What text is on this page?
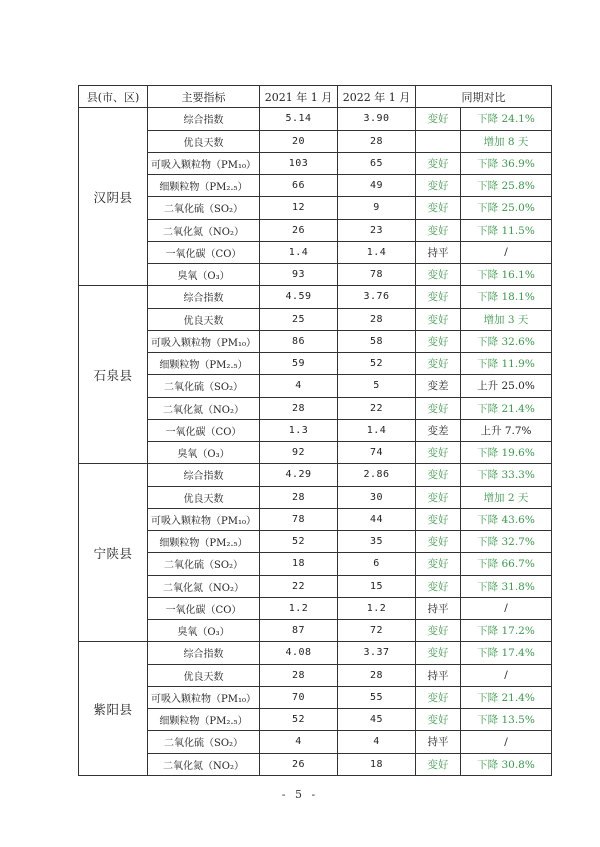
县(市、区)	主要指标	2021 年 1 月	2022 年 1 月	同期对比	
汉阴县	综合指数	5.14	3.90	变好	下降 24.1%
	优良天数	20	28		增加 8 天
	可吸入颗粒物（PM₁₀）	103	65	变好	下降 36.9%
	细颗粒物（PM₂.₅）	66	49	变好	下降 25.8%
	二氧化硫（SO₂）	12	9	变好	下降 25.0%
	二氧化氮（NO₂）	26	23	变好	下降 11.5%
	一氧化碳（CO）	1.4	1.4	持平	/
	臭氧（O₃）	93	78	变好	下降 16.1%
石泉县	综合指数	4.59	3.76	变好	下降 18.1%
	优良天数	25	28	变好	增加 3 天
	可吸入颗粒物（PM₁₀）	86	58	变好	下降 32.6%
	细颗粒物（PM₂.₅）	59	52	变好	下降 11.9%
	二氧化硫（SO₂）	4	5	变差	上升 25.0%
	二氧化氮（NO₂）	28	22	变好	下降 21.4%
	一氧化碳（CO）	1.3	1.4	变差	上升 7.7%
	臭氧（O₃）	92	74	变好	下降 19.6%
宁陕县	综合指数	4.29	2.86	变好	下降 33.3%
	优良天数	28	30	变好	增加 2 天
	可吸入颗粒物（PM₁₀）	78	44	变好	下降 43.6%
	细颗粒物（PM₂.₅）	52	35	变好	下降 32.7%
	二氧化硫（SO₂）	18	6	变好	下降 66.7%
	二氧化氮（NO₂）	22	15	变好	下降 31.8%
	一氧化碳（CO）	1.2	1.2	持平	/
	臭氧（O₃）	87	72	变好	下降 17.2%
紫阳县	综合指数	4.08	3.37	变好	下降 17.4%
	优良天数	28	28	持平	/
	可吸入颗粒物（PM₁₀）	70	55	变好	下降 21.4%
	细颗粒物（PM₂.₅）	52	45	变好	下降 13.5%
	二氧化硫（SO₂）	4	4	持平	/
	二氧化氮（NO₂）	26	18	变好	下降 30.8%
- 5 -
